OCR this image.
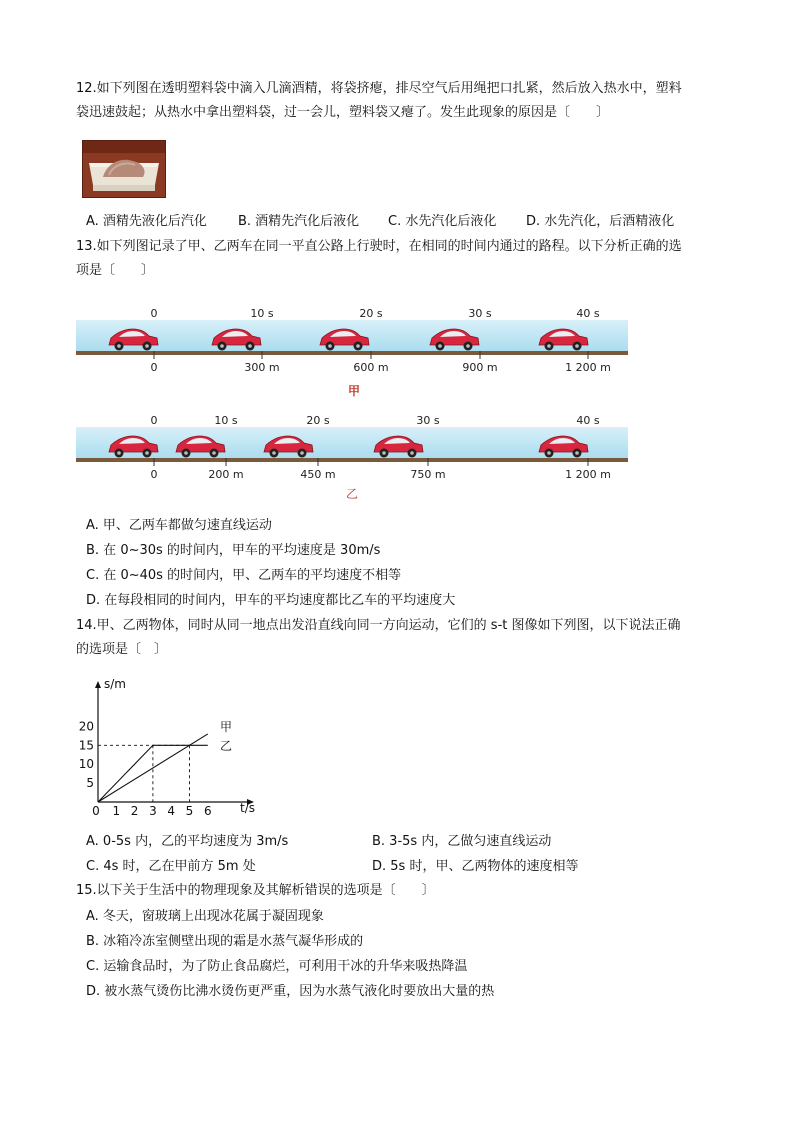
12.如下列图在透明塑料袋中滴入几滴酒精，将袋挤瘪，排尽空气后用绳把口扎紧，然后放入热水中，塑料
袋迅速鼓起；从热水中拿出塑料袋，过一会儿，塑料袋又瘪了。发生此现象的原因是〔　　〕
A. 酒精先液化后汽化 B. 酒精先汽化后液化 C. 水先汽化后液化 D. 水先汽化，后酒精液化
13.如下列图记录了甲、乙两车在同一平直公路上行驶时，在相同的时间内通过的路程。以下分析正确的选
项是〔　　〕
0	10 s	20 s	30 s	40 s
0	300 m	600 m	900 m	1 200 m
甲
0	10 s	20 s	30 s	40 s
0	200 m	450 m	750 m	1 200 m
乙
A. 甲、乙两车都做匀速直线运动
B. 在 0~30s 的时间内，甲车的平均速度是 30m/s
C. 在 0~40s 的时间内，甲、乙两车的平均速度不相等
D. 在每段相同的时间内，甲车的平均速度都比乙车的平均速度大
14.甲、乙两物体，同时从同一地点出发沿直线向同一方向运动，它们的 s-t 图像如下列图，以下说法正确
的选项是〔　〕
20
15
10
5
0 1 2 3 4 5 6
s/m
t/s
甲
乙
A. 0-5s 内，乙的平均速度为 3m/s	B. 3-5s 内，乙做匀速直线运动
C. 4s 时，乙在甲前方 5m 处	D. 5s 时，甲、乙两物体的速度相等
15.以下关于生活中的物理现象及其解析错误的选项是〔　　〕
A. 冬天，窗玻璃上出现冰花属于凝固现象
B. 冰箱冷冻室侧壁出现的霜是水蒸气凝华形成的
C. 运输食品时，为了防止食品腐烂，可利用干冰的升华来吸热降温
D. 被水蒸气烫伤比沸水烫伤更严重，因为水蒸气液化时要放出大量的热
